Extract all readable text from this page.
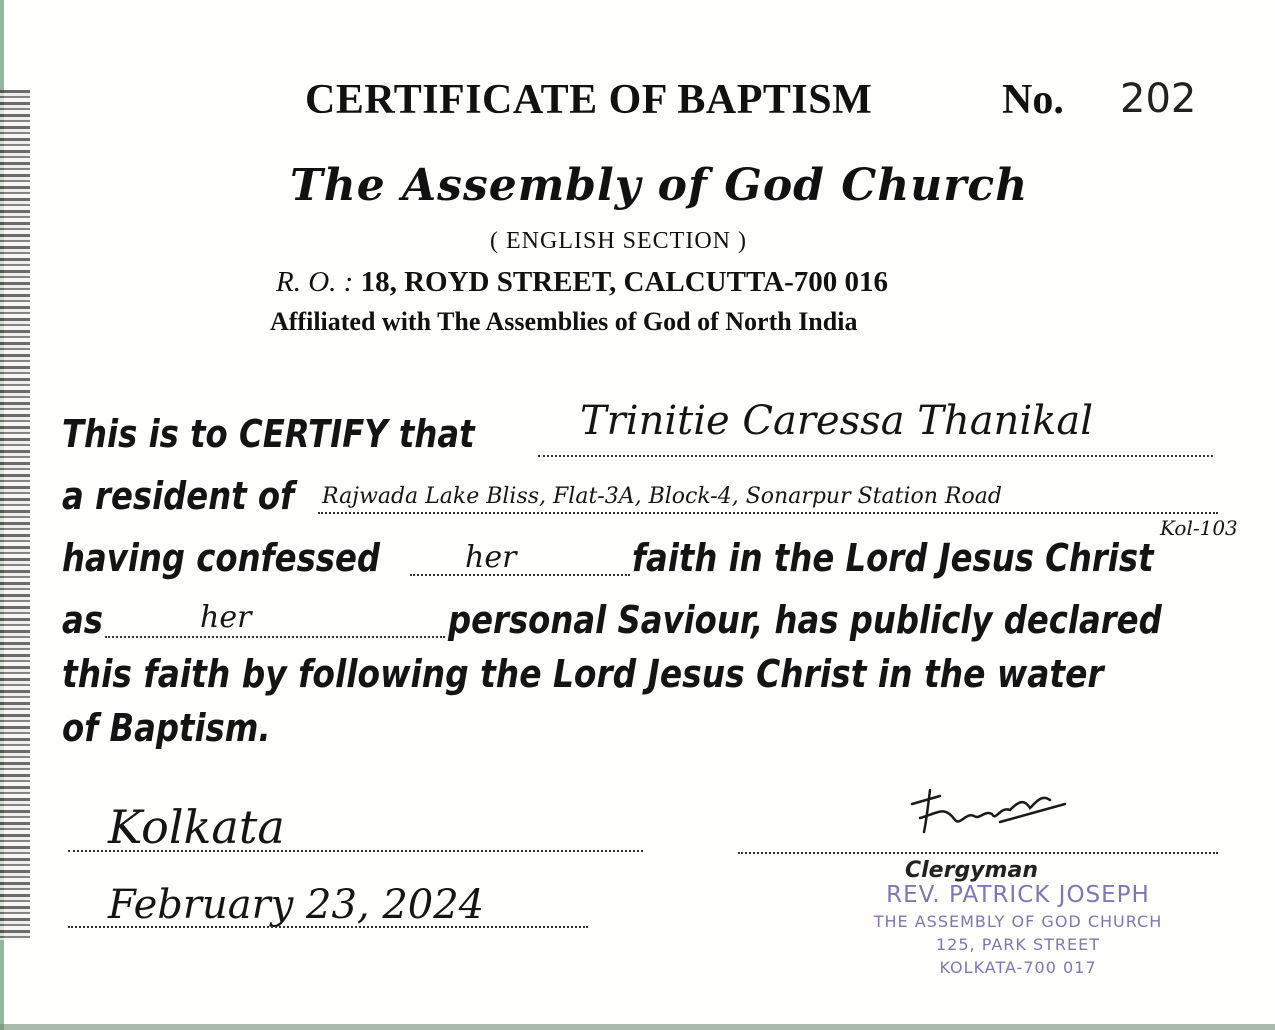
CERTIFICATE OF BAPTISM	No. 202
The Assembly of God Church
( ENGLISH SECTION )
R. O. : 18, ROYD STREET, CALCUTTA-700 016
Affiliated with The Assemblies of God of North India
This is to CERTIFY that	Trinitie Caressa Thanikal
a resident of Rajwada Lake Bliss, Flat-3A, Block-4, Sonarpur Station Road
Kol-103
having confessed	her	faith in the Lord Jesus Christ
as	her	personal Saviour, has publicly declared
this faith by following the Lord Jesus Christ in the water
of Baptism.
Kolkata
February 23, 2024
Clergyman
REV. PATRICK JOSEPH
THE ASSEMBLY OF GOD CHURCH
125, PARK STREET
KOLKATA-700 017
